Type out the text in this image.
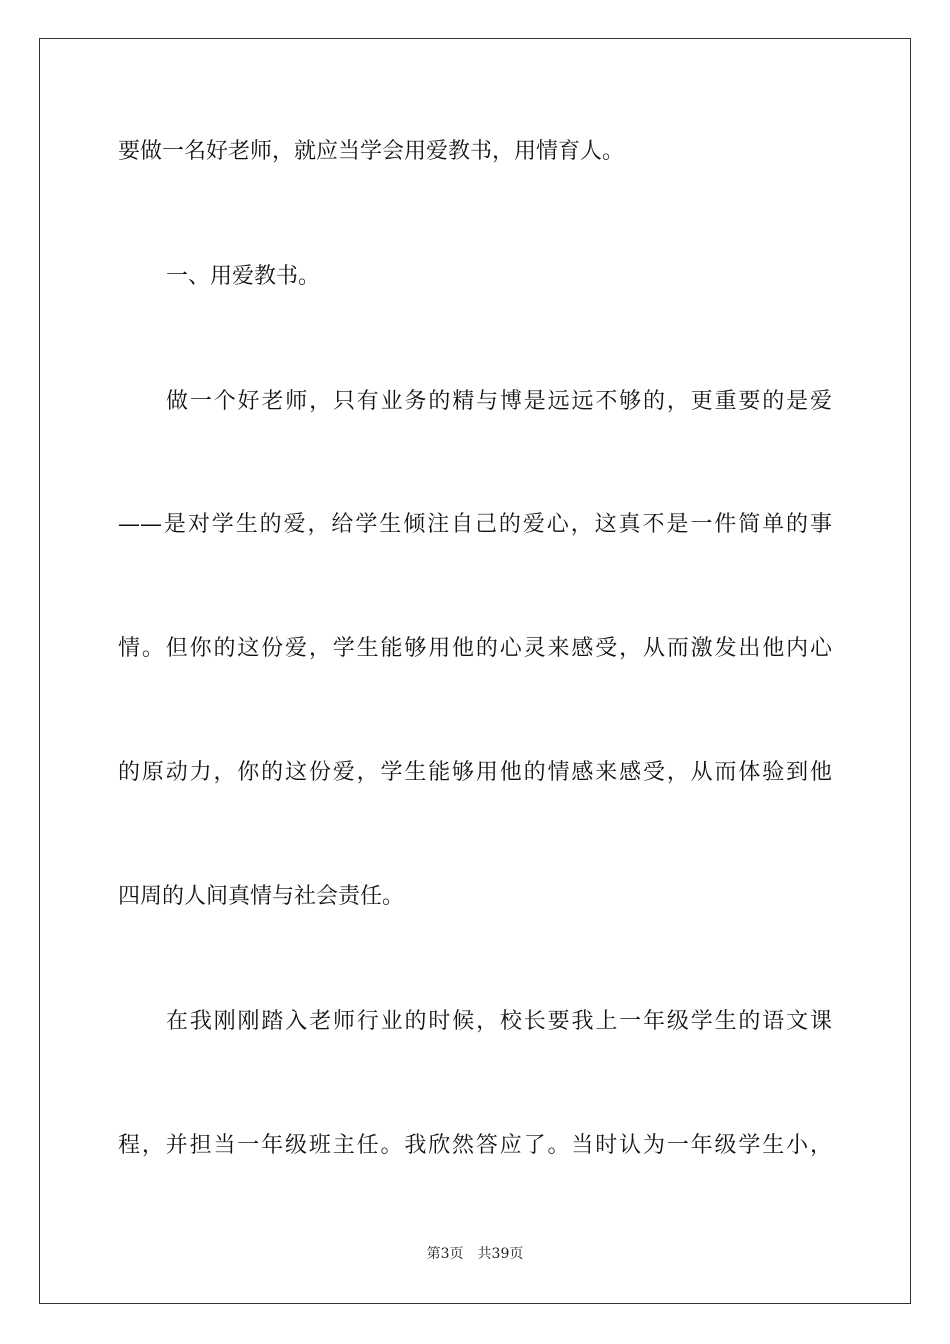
要做一名好老师，就应当学会用爱教书，用情育人。

一、用爱教书。

做一个好老师，只有业务的精与博是远远不够的，更重要的是爱

——是对学生的爱，给学生倾注自己的爱心，这真不是一件简单的事

情。但你的这份爱，学生能够用他的心灵来感受，从而激发出他内心

的原动力，你的这份爱，学生能够用他的情感来感受，从而体验到他

四周的人间真情与社会责任。

在我刚刚踏入老师行业的时候，校长要我上一年级学生的语文课

程，并担当一年级班主任。我欣然答应了。当时认为一年级学生小，

第3页 共39页
